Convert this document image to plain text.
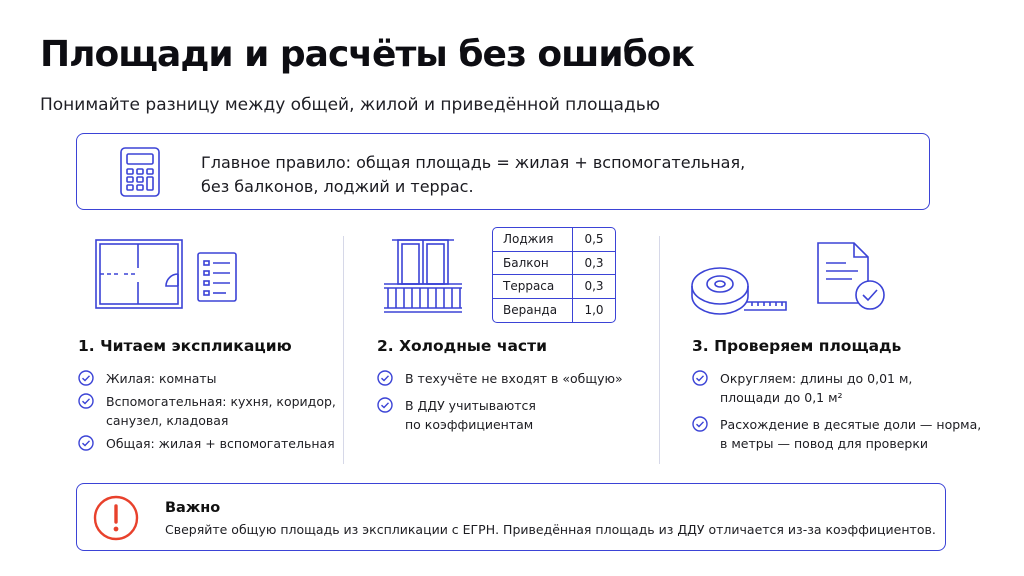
Площади и расчёты без ошибок
Понимайте разницу между общей, жилой и приведённой площадью
Главное правило: общая площадь = жилая + вспомогательная,
без балконов, лоджий и террас.
1. Читаем экспликацию
Жилая: комнаты
Вспомогательная: кухня, коридор,
санузел, кладовая
Общая: жилая + вспомогательная
Лоджия	0,5
Балкон	0,3
Терраса	0,3
Веранда	1,0
2. Холодные части
В техучёте не входят в «общую»
В ДДУ учитываются
по коэффициентам
3. Проверяем площадь
Округляем: длины до 0,01 м,
площади до 0,1 м²
Расхождение в десятые доли — норма,
в метры — повод для проверки
Важно
Сверяйте общую площадь из экспликации с ЕГРН. Приведённая площадь из ДДУ отличается из-за коэффициентов.
